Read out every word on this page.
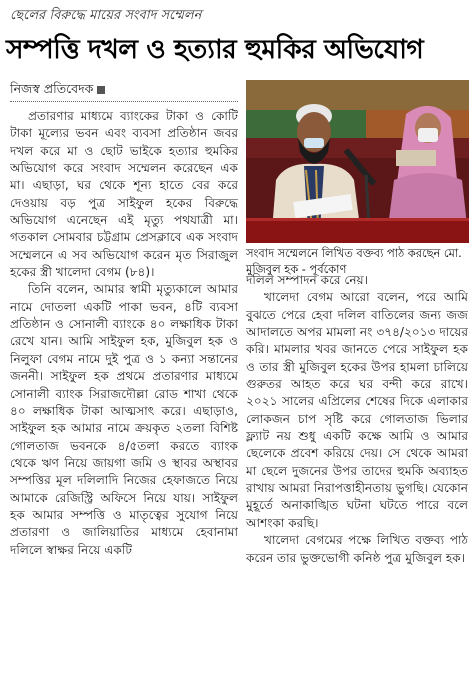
ছেলের বিরুদ্ধে মায়ের সংবাদ সম্মেলন
সম্পত্তি দখল ও হত্যার হুমকির অভিযোগ
নিজস্ব প্রতিবেদক

প্রতারণার মাধ্যমে ব্যাংকের টাকা ও কোটি টাকা মূল্যের ভবন এবং ব্যবসা প্রতিষ্ঠান জবর দখল করে মা ও ছোট ভাইকে হত্যার হুমকির অভিযোগ করে সংবাদ সম্মেলন করেছেন এক মা। এছাড়া, ঘর থেকে শূন্য হাতে বের করে দেওয়ায় বড় পুত্র সাইফুল হকের বিরুদ্ধে অভিযোগ এনেছেন এই মৃত্যু পথযাত্রী মা। গতকাল সোমবার চট্টগ্রাম প্রেসক্লাবে এক সংবাদ সম্মেলনে এ সব অভিযোগ করেন মৃত সিরাজুল হকের স্ত্রী খালেদা বেগম (৮৪)।

তিনি বলেন, আমার স্বামী মৃত্যুকালে আমার নামে দোতলা একটি পাকা ভবন, ৪টি ব্যবসা প্রতিষ্ঠান ও সোনালী ব্যাংকে ৪০ লক্ষাধিক টাকা রেখে যান। আমি সাইফুল হক, মুজিবুল হক ও নিলুফা বেগম নামে দুই পুত্র ও ১ কন্যা সন্তানের জননী। সাইফুল হক প্রথমে প্রতারণার মাধ্যমে সোনালী ব্যাংক সিরাজদৌল্লা রোড শাখা থেকে ৪০ লক্ষাধিক টাকা আত্মসাৎ করে। এছাড়াও, সাইফুল হক আমার নামে ক্রয়কৃত ২তলা বিশিষ্ট গোলতাজ ভবনকে ৪/৫তলা করতে ব্যাংক থেকে ঋণ নিয়ে জায়গা জমি ও স্থাবর অস্থাবর সম্পত্তির মূল দলিলাদি নিজের হেফাজতে নিয়ে আমাকে রেজিস্ট্রি অফিসে নিয়ে যায়। সাইফুল হক আমার সম্পত্তি ও মাতৃত্বের সুযোগ নিয়ে প্রতারণা ও জালিয়াতির মাধ্যমে হেবানামা দলিলে স্বাক্ষর নিয়ে একটি

সংবাদ সম্মেলনে লিখিত বক্তব্য পাঠ করছেন মো. মুজিবুল হক - পূর্বকোণ

দলিল সম্পাদন করে নেয়।

খালেদা বেগম আরো বলেন, পরে আমি বুঝতে পেরে হেবা দলিল বাতিলের জন্য জজ আদালতে অপর মামলা নং ৩৭৪/২০১৩ দায়ের করি। মামলার খবর জানতে পেরে সাইফুল হক ও তার স্ত্রী মুজিবুল হকের উপর হামলা চালিয়ে গুরুতর আহত করে ঘর বন্দী করে রাখে। ২০২১ সালের এপ্রিলের শেষের দিকে এলাকার লোকজন চাপ সৃষ্টি করে গোলতাজ ভিলার ফ্ল্যাট নয় শুধু একটি কক্ষে আমি ও আমার ছেলেকে প্রবেশ করিয়ে দেয়। সে থেকে আমরা মা ছেলে দুজনের উপর তাদের হুমকি অব্যাহত রাখায় আমরা নিরাপত্তাহীনতায় ভুগছি। যেকোন মুহূর্তে অনাকাঙ্খিত ঘটনা ঘটতে পারে বলে আশংকা করছি।

খালেদা বেগমের পক্ষে লিখিত বক্তব্য পাঠ করেন তার ভুক্তভোগী কনিষ্ঠ পুত্র মুজিবুল হক।
